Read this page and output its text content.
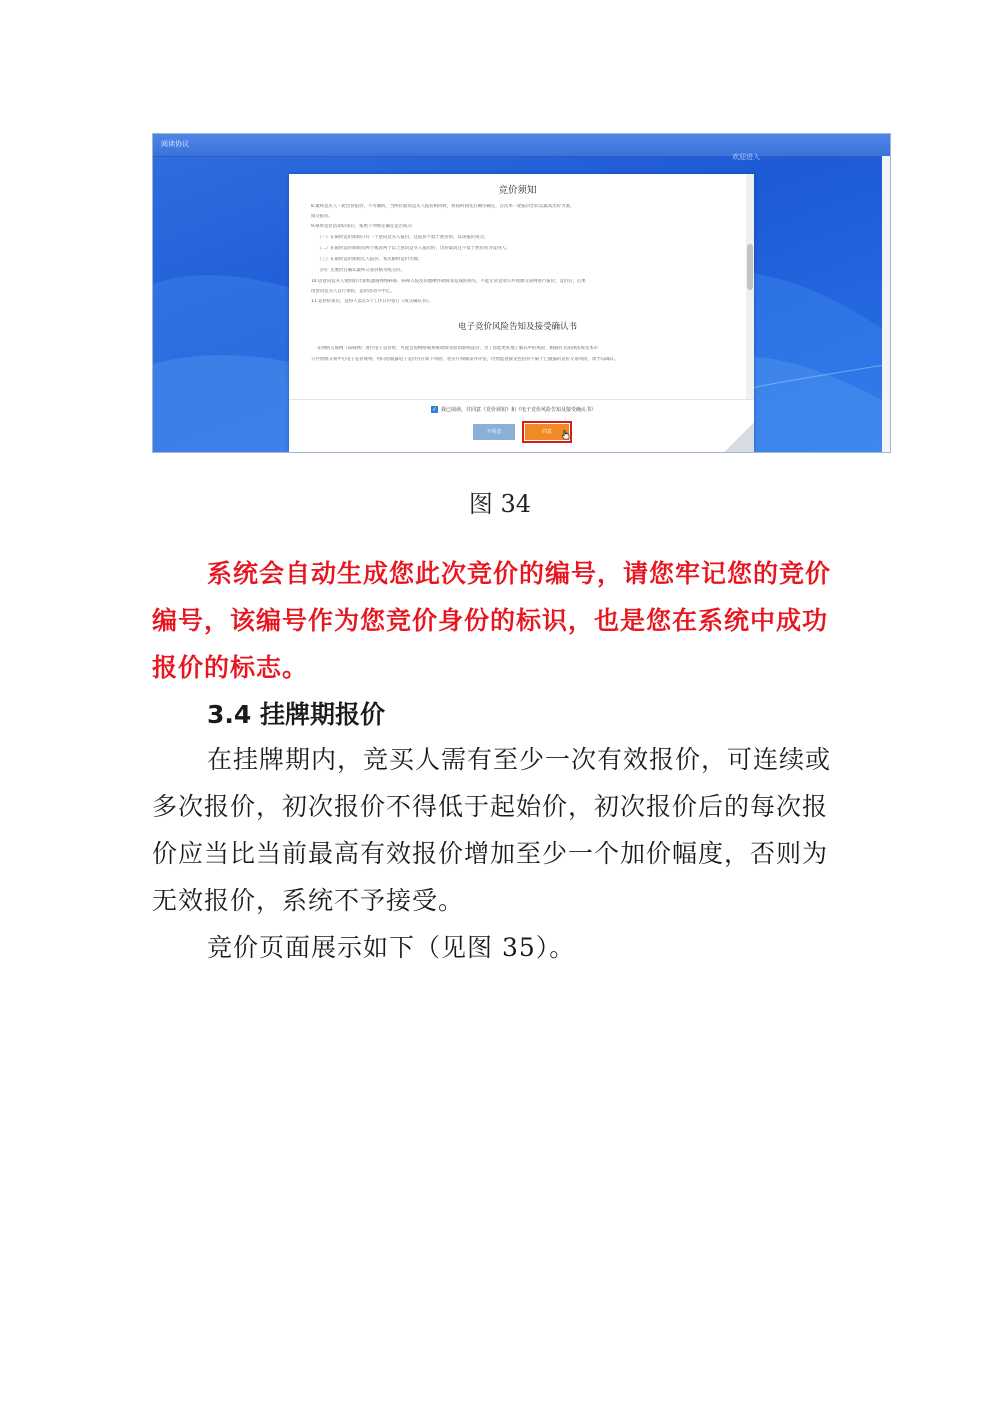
阅读协议
欢迎进入
竞价须知
8.最终竞买人一轮出价报价，不可撤回，当两位最高竞买人报价相同时，将按时间先后顺序确定，首次本一轮报价出价以最高出价为准。
成交报价。
9.限时竞价活动结束后，按照下列规定确定是否成交：
（一）在限时竞价期间只有一个意向竞买人报价，且报价不低于底价的，以该报价成交；
（二）在限时竞价期间有两个或者两个以上意向竞买人报价的，出价最高且不低于底价的为竞得人；
（三）在限时竞价期间无人报价，本次限时竞价失败；
（四）无底价且确认最终交易价格为成交价。
10.因意向竞买人使用的计算机遭遇网络病毒、病毒入侵及其他硬件故障等造成的损失，不能正常登录公共资源交易网进行报价，竞价后，后果
由意向竞买人自行承担，竞价活动不中止。
11.竞价结束后，竞得人需在5个工作日内签订《成交确认书》。
电子竞价风险告知及接受确认书
在网络互联网（局域网）进行电子竞价时，可能会因网络或系统故障等原因影响竞价，为了您能更好地了解其中的风险，根据有关法律法规及本市
公共资源交易中心电子竞价规则，特向您披露电子竞价存在如下风险，您应仔细阅读并评估，仍然愿意接受包括但不限于已披露的竞价交易风险，请予以确认。
✓ 我已阅读，并同意《竞价须知》和《电子竞价风险告知及接受确认书》
不同意	同意
图 34
系统会自动生成您此次竞价的编号，请您牢记您的竞价编号，该编号作为您竞价身份的标识，也是您在系统中成功报价的标志。
3.4 挂牌期报价
在挂牌期内，竞买人需有至少一次有效报价，可连续或多次报价，初次报价不得低于起始价，初次报价后的每次报价应当比当前最高有效报价增加至少一个加价幅度，否则为无效报价，系统不予接受。
竞价页面展示如下（见图 35）。
